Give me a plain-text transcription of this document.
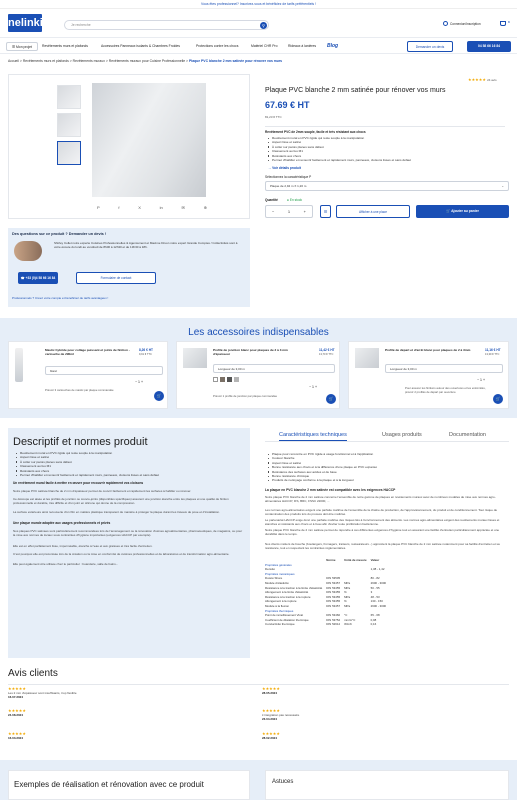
Vous êtes professionnel? Inscrivez-vous et bénéficiez de tarifs préférentiels !
nelinkia	Je recherche	⚲	Connexion/Inscription	0
☰ Mon projet	Revêtements murs et plafonds	Accessoires Panneaux isolants & Chambres Froides	Protections contre les chocs	Matériel CHR Pro	Rideaux à lanières Blog	Demander un devis	04 58 66 16 84
Accueil > Revêtements murs et plafonds > Revêtements muraux > Revêtements muraux pour Cuisine Professionnelle > Plaque PVC blanche 2 mm satinée pour rénover vos murs
P	f	X	in	✉	⊕
Des questions sur ce produit ? Demander un devis !
Shirley Collet notre experte Cuisines Professionnelles & Agencement et Maxime Druon notre expert Grande Comptes / Collectivités sont à votre écoute du lundi au vendredi de 8h00 à 12h30 et de 13h30 à 18h.
☎ +33 (0)4 58 66 16 84	Formulaire de contact
Professionnels ? Créez votre compte et bénéficiez de tarifs avantageux !
★★★★★ 24 avis
Plaque PVC blanche 2 mm satinée pour rénover vos murs
67.69 € HT
81,23 € TTC
Revêtement PVC de 2mm souple, facile et très résistant aux chocs
Revêtement mural en PVC rigide qui reste souple à la manipulation
Aspect lisse et satiné
À coller sur parois planes sans défaut
Classement au feu M1
Résistants aux chocs
Permet d'habiller et recouvrir facilement et rapidement murs, panneaux, cloisons lisses et sans défaut
→ Voir détails produit
Sélectionnez la caractéristique P
Plaque de 2,94 m X 1,20 m	⌄
Quantité	● En stock
−	1	+	☰	Afficher à une place	🛒 Ajouter au panier
Les accessoires indispensables
Mastic hybride pour collage puissant et joints de finition - cartouche de 290ml
8,26 € HT
9,91 € TTC
blanc
− 1 +
🛒
Prévoir 3 cartouches de mastic par plaque commandée
Profilé de jonction blanc pour plaques de 2 à 3 mm d'épaisseur
11,42 € HT
13,70 € TTC
Longueur de 3,00 m
− 1 +
🛒
Prévoir 1 profilé de jonction par plaque commandée
Profilé de départ et d'arrêt blanc pour plaques de 2 à 3mm	11,16 € HT
13,39 € TTC
Longueur de 3,00 m
− 1 +
🛒
Pour assurer les finitions autour des ouvertures et les extrémités, prévoir 2 profilés de départ par ouverture
Descriptif et normes produit
Revêtement mural en PVC rigide qui reste souple à la manipulation
Aspect lisse et satiné
À coller sur parois planes sans défaut
Classement au feu M1
Résistants aux chocs
Permet d'habiller et recouvrir facilement et rapidement murs, panneaux, cloisons lisses et sans défaut
Un revêtement mural facile à mettre en œuvre pour recouvrir rapidement vos cloisons
Notre plaque PVC satinée blanche de 2 mm d'épaisseur permet de couvrir facilement et rapidement les surfaces à habiller ou rénover.
Ce découpe est aisée et les profilés de jonction ou couvre-joints (disponibles spécifiques) assurent une jonction étanche entre les plaques et une qualité de finition professionnelle et durable, très difficile et d'un joint en silicone qui donne de la compression.
La surface extérieure ainsi recouverte d'un film en matière plastique transparent de manière à protéger la plaque durant les travaux de pose et d'installation.
Une plaque murale adaptée aux usages professionnels et privés
Nos plaques PVC satinées sont particulièrement recommandées lors de l'aménagement ou la rénovation d'usines agroalimentaires, pharmaceutiques, de magasins, ou pour la mise aux normes de locaux sous contraintes d'hygiène importantes (exigences HACCP par exemple).
Elle est en effet parfaitement lisse, imperméable, étanche à l'eau et aux graisses et très facile d'entretien.
C'est pourquoi elle est préconisée lors de la création ou la mise en conformité de cuisines professionnelles et de laboratoires et de transformation agro-alimentaire.
Elle peut également être utilisée chez le particulier : buanderie, salle de bains...
Caractéristiques techniques	Usages produits	Documentation
Plaque pour rencontre en PVC rigide à usage fonctionnel et à l'application
Couleur blanche
Aspect lisse et satiné
Bonne résistance aux chocs et à la différence d'une plaque en PVC expansé
Résistance des surfaces aux acides et de base
Bonne résistance chimique
Produits de nettoyage conforme à la plaque et à la longueur
La plaque en PVC blanche 2 mm satinée est compatible avec les exigences HACCP
Notre plaque PVC blanche de 2 mm satinée concerne l'ensemble de notre gamme de plaques en revêtements muraux avec de nombreux modèles de mise aux normes agro-alimentaires HACCP, IFS, BRC, FSSC 22000, ...
Les normes agro-alimentaires exigent une parfaite maîtrise de l'ensemble de la chaîne de production, de l'approvisionnement, du produit et de conditionnement. Tout risque de contamination des produits lors du process doit être maîtrisé.
Le partenariat HACCP exige donc une parfaite maîtrise des risques liés à l'environnement des aliments. Les normes agro-alimentaires exigent des revêtements muraux lisses et étanches et résistants aux chocs et à l'eau afin d'éviter toute prolifération bactérienne.
Notre plaque PVC blanche de 2 mm satinée permet de répondre à ces différentes exigences d'hygiène tout en assurant une facilité d'entretien particulièrement appréciée et une durabilité dans le temps.
Nos clients métiers de bouche (boulangers, fromagers, traiteurs, restaurateurs...) apprécient la plaque PVC blanche de 2 mm satinée notamment pour sa facilité d'entretien et sa résistance, tout en respectant les contraintes réglementaires.
	Norme	Unité de mesure	Valeur
Propriétés générales			
Densité			1,38 - 1,42
Propriétés mécaniques			
Dureté Shore	DIN 53505		80 - 82
Module d'élasticité	DIN 53457	MPa	2600 - 3000
Résistance à la traction à la limite d'élasticité	DIN 53455	MPa	50 - 55
Allongement à la limite d'élasticité	DIN 53455	%	3
Résistance à la traction à la rupture	DIN 53455	MPa	48 - 53
Allongement à la rupture	DIN 53455	%	130 - 150
Module à la flexion	DIN 53457	MPa	2600 - 3000
Propriétés thermiques			
Point de ramollissement Vicat	DIN 53460	°C	65 - 68
Coefficient de dilatation thermique	DIN 53752	mm/m°C	0,08
Conductivité thermique	DIN 52612	W/mK	0,16
Avis clients
★★★★★
Les 2 mm d'épaisseur sont insuffisants, trop flexible
16.07.2024
★★★★★
28.05.2024
★★★★★
24.08.2024
★★★★★
L'intégration pas nécessaire
23.04.2024
★★★★★
16.03.2024
★★★★★
28.02.2024
Exemples de réalisation et rénovation avec ce produit	Astuces
